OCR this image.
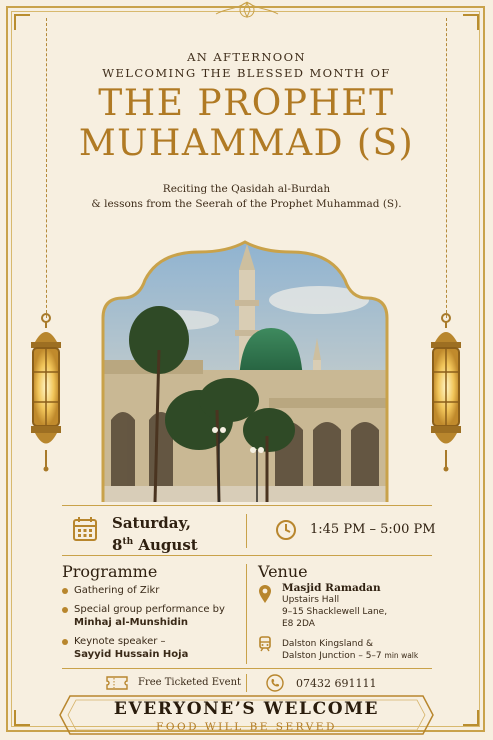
AN AFTERNOON
WELCOMING THE BLESSED MONTH OF
THE PROPHET
MUHAMMAD (S)
Reciting the Qasidah al-Burdah
& lessons from the Seerah of the Prophet Muhammad (S).
Saturday,
8th August
1:45 PM – 5:00 PM
Programme
Gathering of Zikr
Special group performance by
Minhaj al-Munshidin
Keynote speaker –
Sayyid Hussain Hoja
Venue
Masjid Ramadan
Upstairs Hall
9–15 Shacklewell Lane,
E8 2DA
Dalston Kingsland &
Dalston Junction – 5–7 min walk
Free Ticketed Event	07432 691111
EVERYONE’S WELCOME
FOOD WILL BE SERVED
